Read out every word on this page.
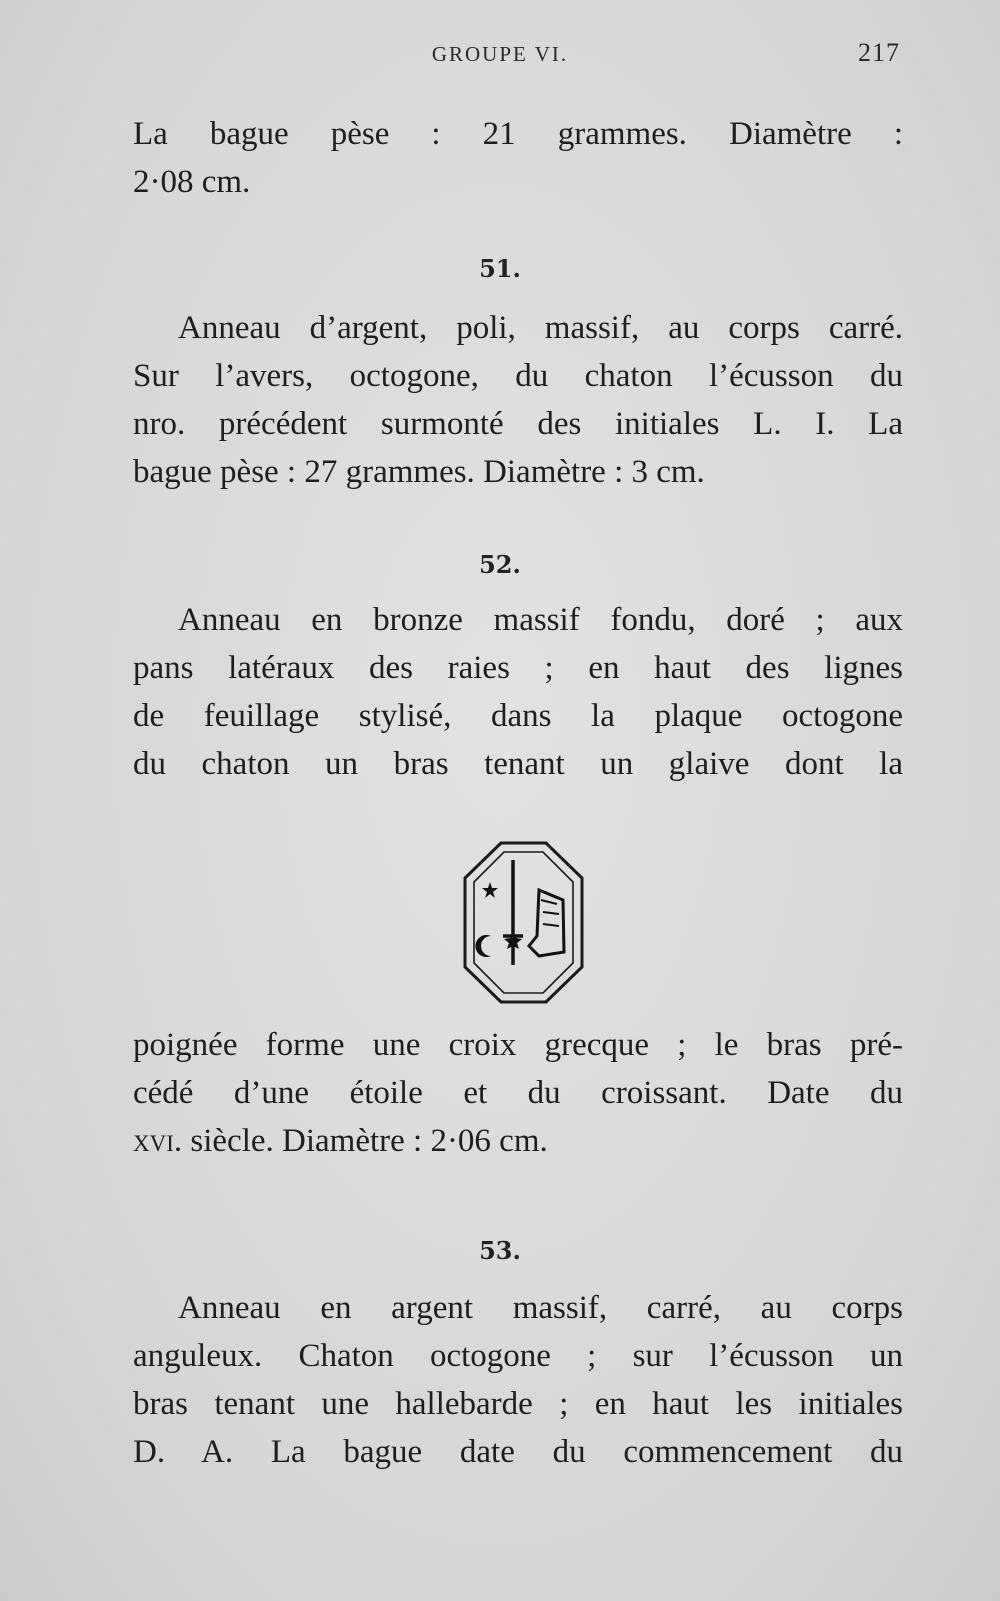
GROUPE VI.	217
La bague pèse : 21 grammes. Diamètre :
2·08 cm.
51.
Anneau d’argent, poli, massif, au corps carré.
Sur l’avers, octogone, du chaton l’écusson du
nro. précédent surmonté des initiales L. I. La
bague pèse : 27 grammes. Diamètre : 3 cm.
52.
Anneau en bronze massif fondu, doré ; aux
pans latéraux des raies ; en haut des lignes
de feuillage stylisé, dans la plaque octogone
du chaton un bras tenant un glaive dont la
poignée forme une croix grecque ; le bras pré-
cédé d’une étoile et du croissant. Date du
xvi. siècle. Diamètre : 2·06 cm.
53.
Anneau en argent massif, carré, au corps
anguleux. Chaton octogone ; sur l’écusson un
bras tenant une hallebarde ; en haut les initiales
D. A. La bague date du commencement du
